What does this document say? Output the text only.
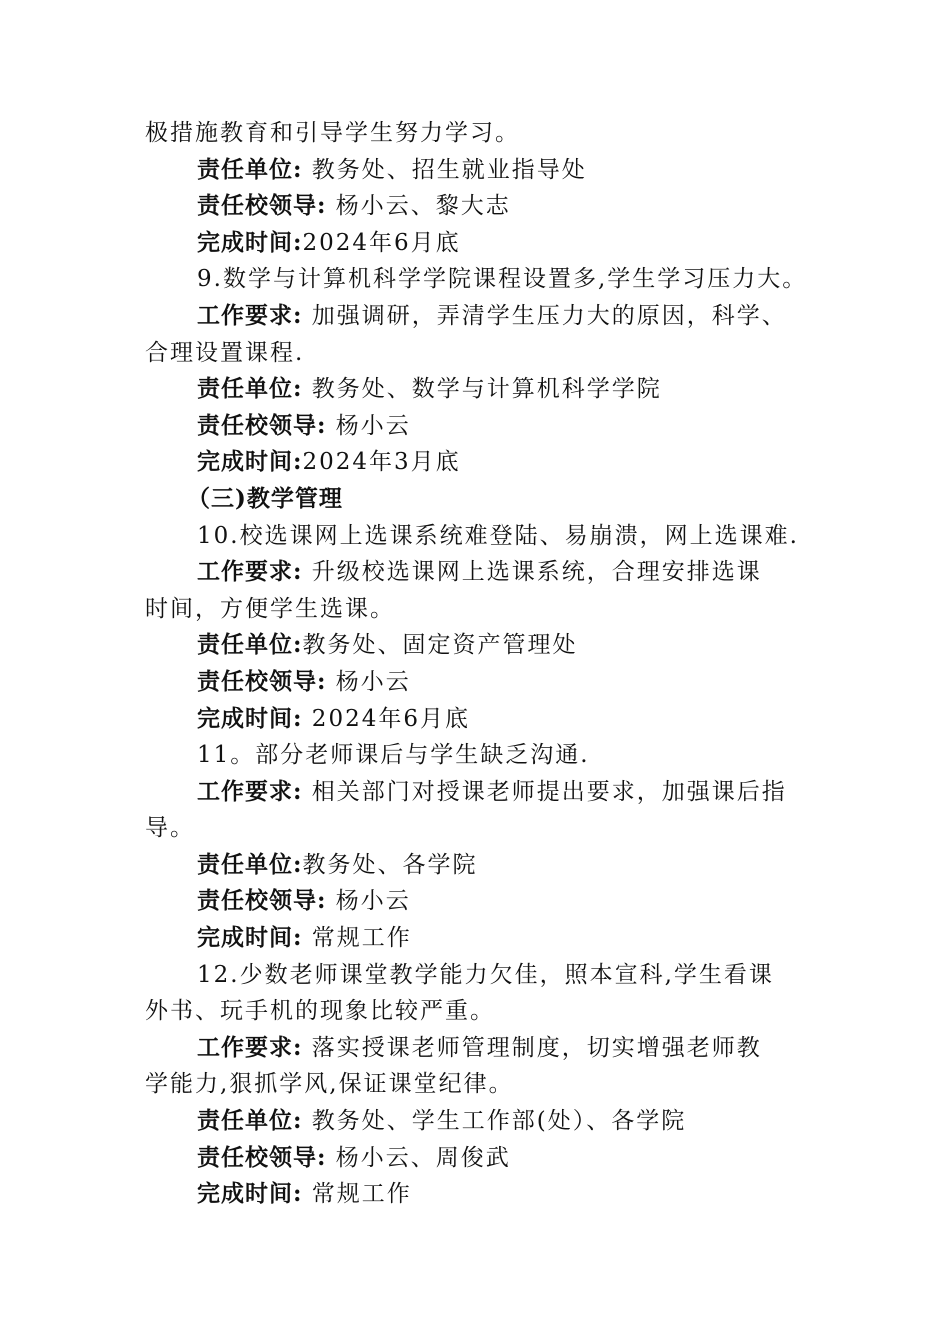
极措施教育和引导学生努力学习。
责任单位: 教务处、招生就业指导处
责任校领导: 杨小云、黎大志
完成时间:2024年6月底
9.数学与计算机科学学院课程设置多,学生学习压力大。
工作要求: 加强调研，弄清学生压力大的原因，科学、
合理设置课程.
责任单位: 教务处、数学与计算机科学学院
责任校领导: 杨小云
完成时间:2024年3月底
（三)教学管理
10.校选课网上选课系统难登陆、易崩溃，网上选课难.
工作要求: 升级校选课网上选课系统，合理安排选课
时间，方便学生选课。
责任单位:教务处、固定资产管理处
责任校领导: 杨小云
完成时间: 2024年6月底
11。部分老师课后与学生缺乏沟通.
工作要求: 相关部门对授课老师提出要求，加强课后指
导。
责任单位:教务处、各学院
责任校领导: 杨小云
完成时间: 常规工作
12.少数老师课堂教学能力欠佳，照本宣科,学生看课
外书、玩手机的现象比较严重。
工作要求: 落实授课老师管理制度，切实增强老师教
学能力,狠抓学风,保证课堂纪律。
责任单位: 教务处、学生工作部(处）、各学院
责任校领导: 杨小云、周俊武
完成时间: 常规工作
